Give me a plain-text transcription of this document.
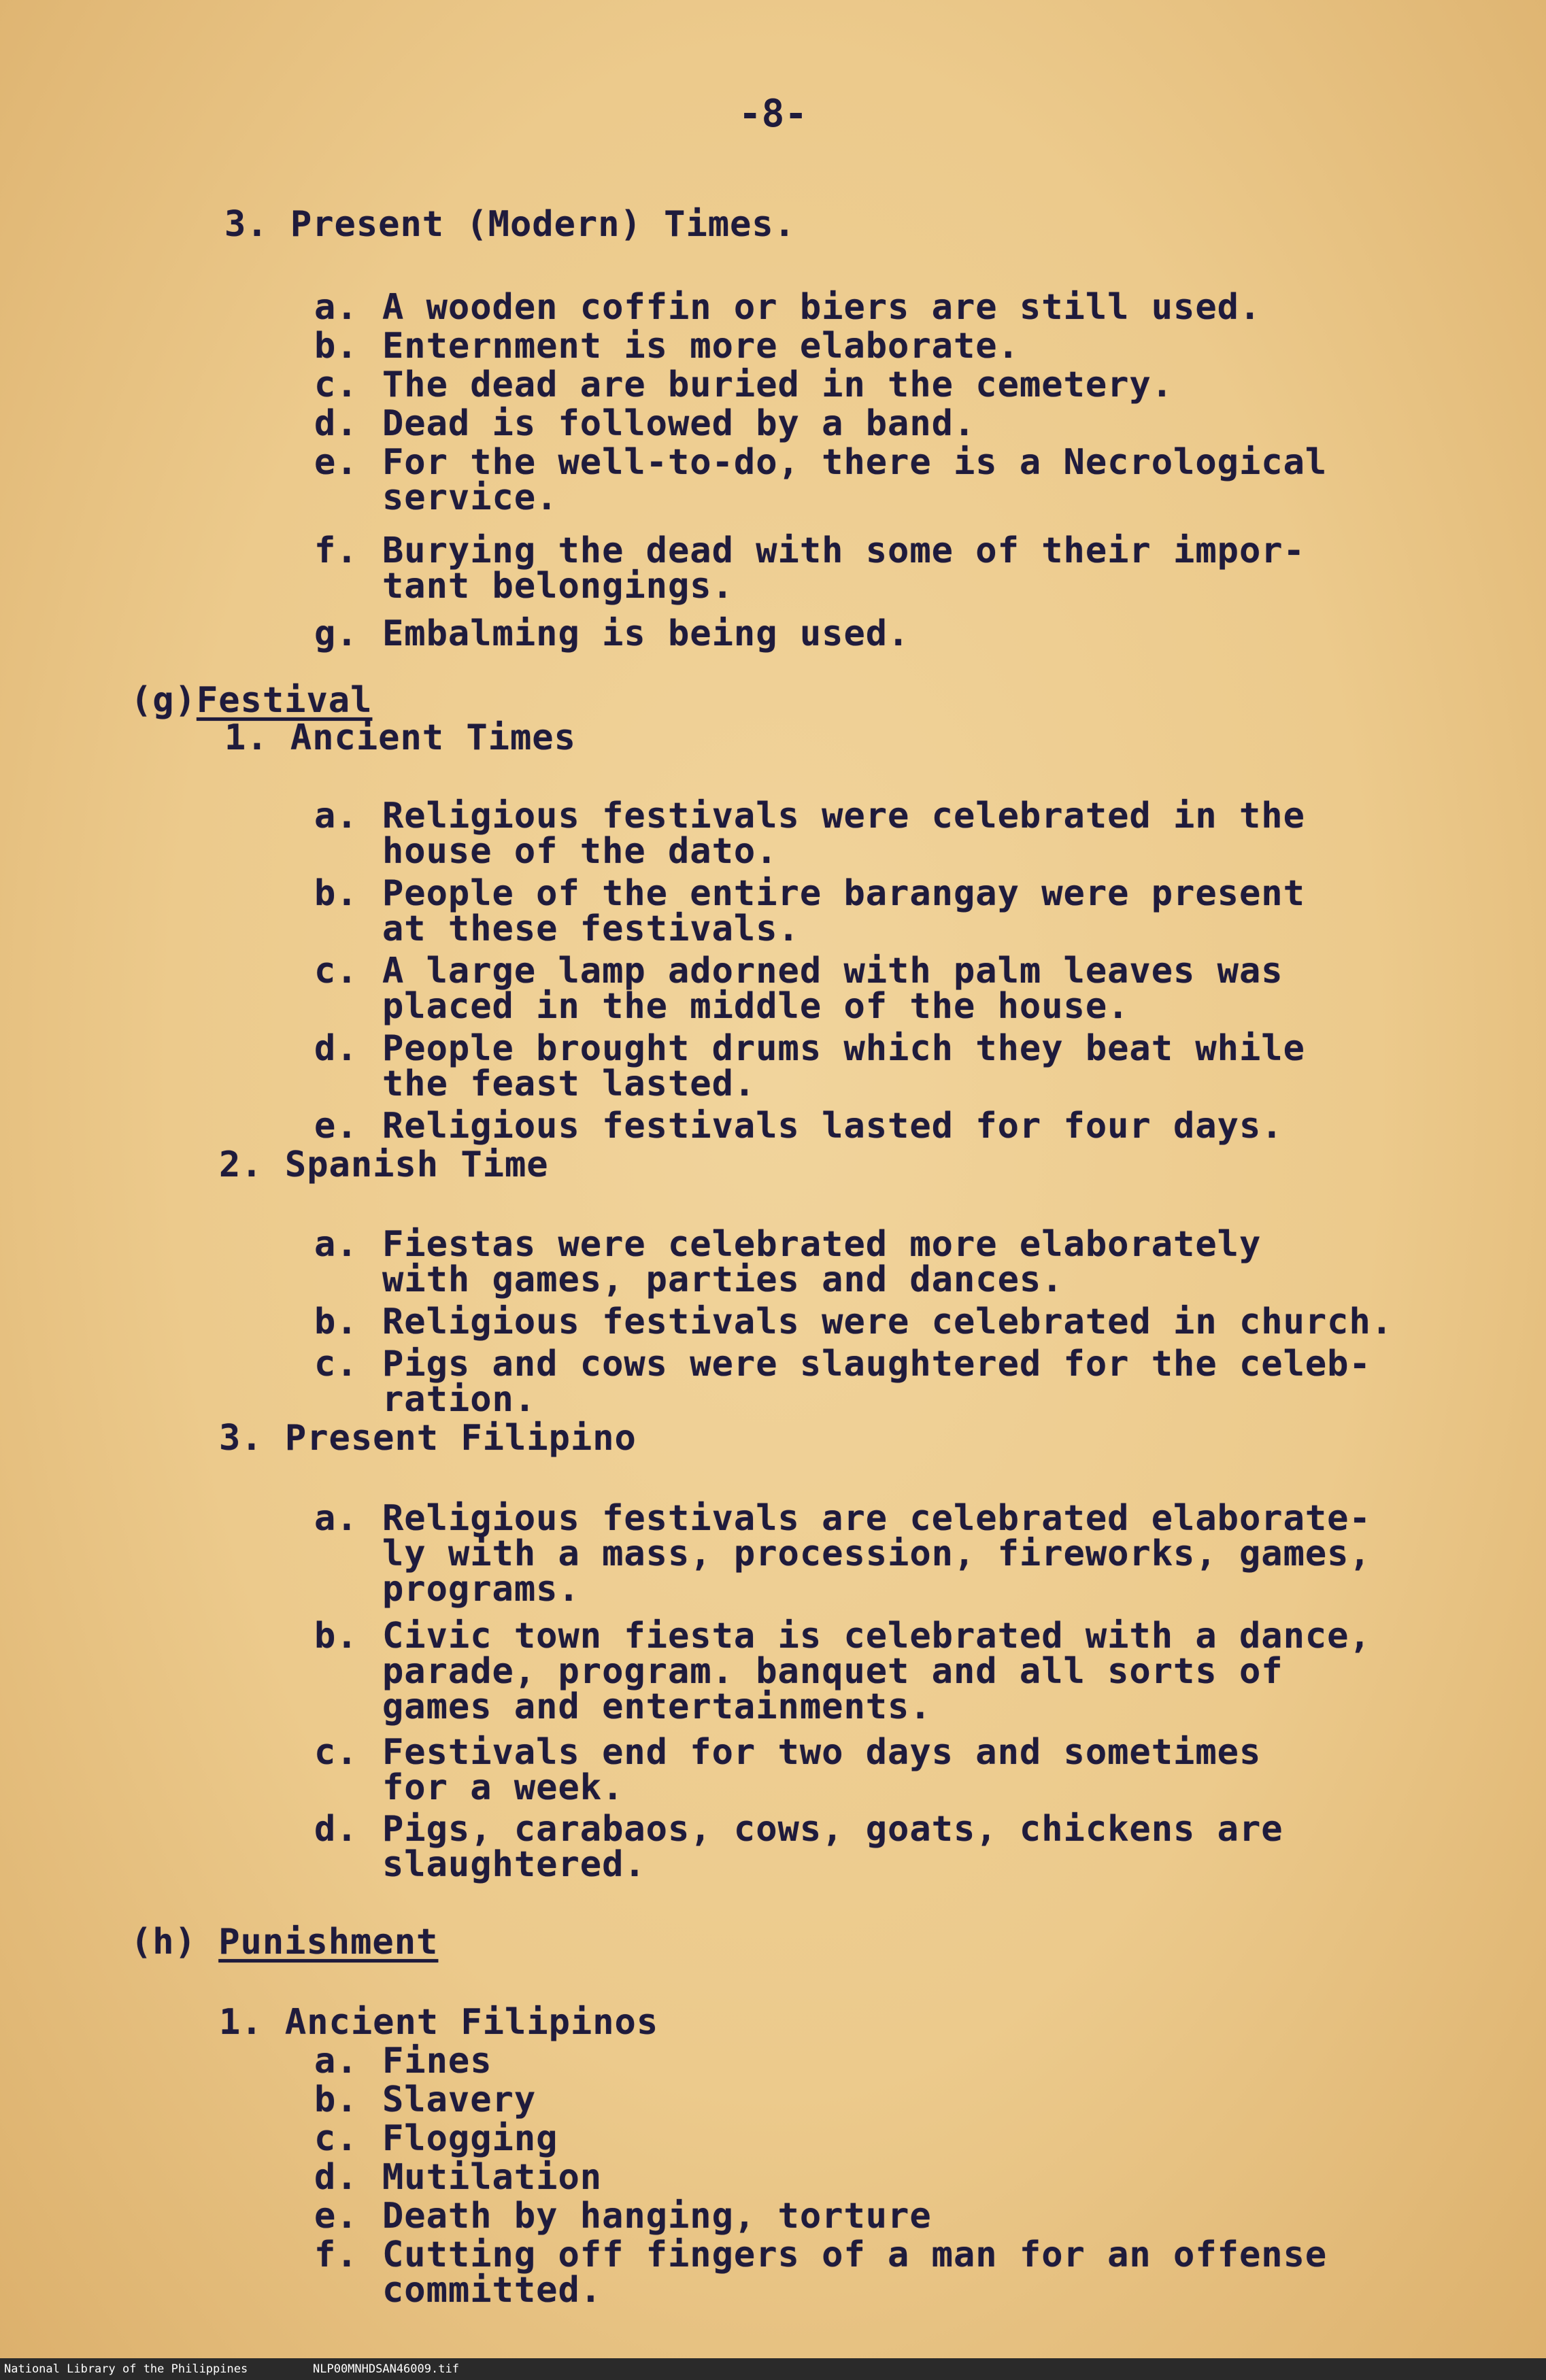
-8-
3. Present (Modern) Times.
a. A wooden coffin or biers are still used.
b. Enternment is more elaborate.
c. The dead are buried in the cemetery.
d. Dead is followed by a band.
e. For the well-to-do, there is a Necrological
service.
f. Burying the dead with some of their impor-
tant belongings.
g. Embalming is being used.
(g)Festival
1. Ancient Times
a. Religious festivals were celebrated in the
house of the dato.
b. People of the entire barangay were present
at these festivals.
c. A large lamp adorned with palm leaves was
placed in the middle of the house.
d. People brought drums which they beat while
the feast lasted.
e. Religious festivals lasted for four days.
2. Spanish Time
a. Fiestas were celebrated more elaborately
with games, parties and dances.
b. Religious festivals were celebrated in church.
c. Pigs and cows were slaughtered for the celeb-
ration.
3. Present Filipino
a. Religious festivals are celebrated elaborate-
ly with a mass, procession, fireworks, games,
programs.
b. Civic town fiesta is celebrated with a dance,
parade, program. banquet and all sorts of
games and entertainments.
c. Festivals end for two days and sometimes
for a week.
d. Pigs, carabaos, cows, goats, chickens are
slaughtered.
(h) Punishment
1. Ancient Filipinos
a. Fines
b. Slavery
c. Flogging
d. Mutilation
e. Death by hanging, torture
f. Cutting off fingers of a man for an offense
committed.
National Library of the Philippines	NLP00MNHDSAN46009.tif
